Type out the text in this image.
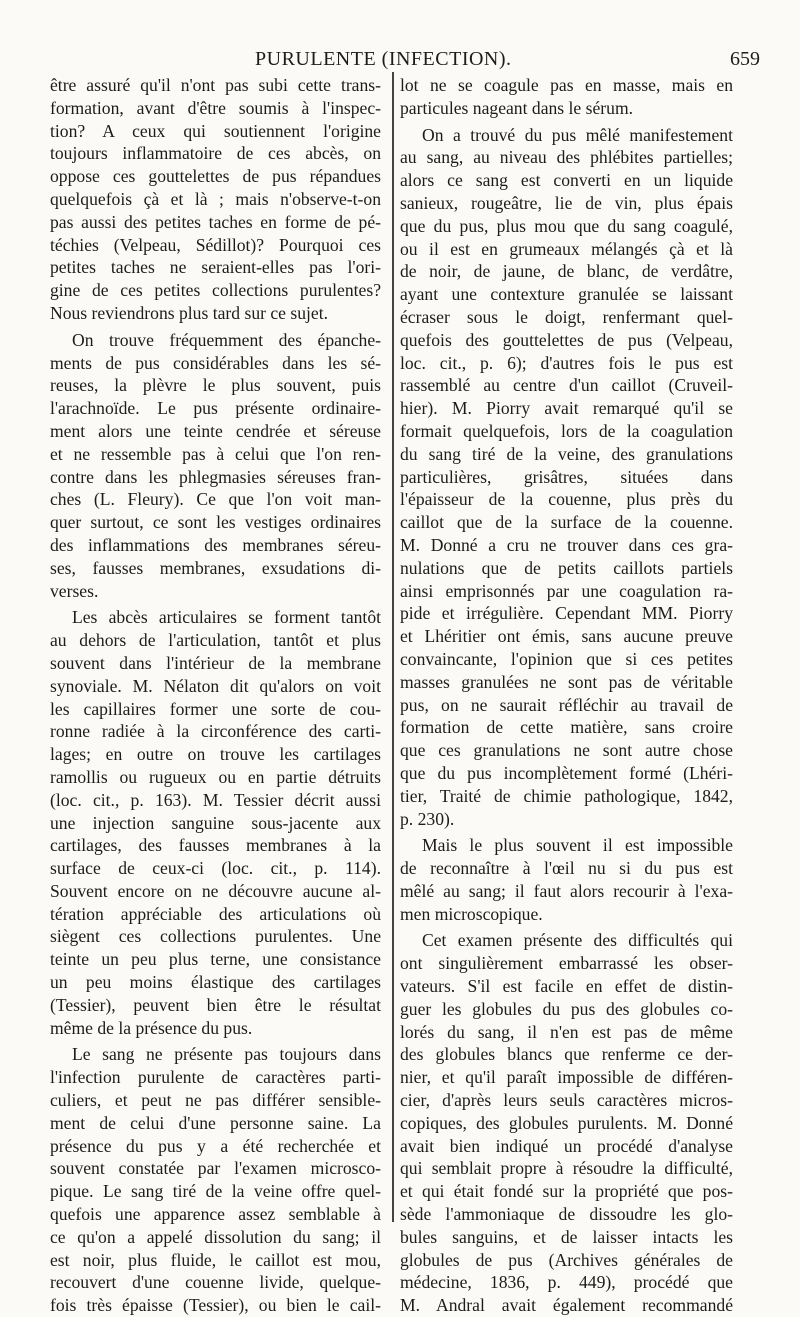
PURULENTE (INFECTION).	659
être assuré qu'il n'ont pas subi cette trans-
formation, avant d'être soumis à l'inspec-
tion? A ceux qui soutiennent l'origine
toujours inflammatoire de ces abcès, on
oppose ces gouttelettes de pus répandues
quelquefois çà et là ; mais n'observe-t-on
pas aussi des petites taches en forme de pé-
téchies (Velpeau, Sédillot)? Pourquoi ces
petites taches ne seraient-elles pas l'ori-
gine de ces petites collections purulentes?
Nous reviendrons plus tard sur ce sujet.
On trouve fréquemment des épanche-
ments de pus considérables dans les sé-
reuses, la plèvre le plus souvent, puis
l'arachnoïde. Le pus présente ordinaire-
ment alors une teinte cendrée et séreuse
et ne ressemble pas à celui que l'on ren-
contre dans les phlegmasies séreuses fran-
ches (L. Fleury). Ce que l'on voit man-
quer surtout, ce sont les vestiges ordinaires
des inflammations des membranes séreu-
ses, fausses membranes, exsudations di-
verses.
Les abcès articulaires se forment tantôt
au dehors de l'articulation, tantôt et plus
souvent dans l'intérieur de la membrane
synoviale. M. Nélaton dit qu'alors on voit
les capillaires former une sorte de cou-
ronne radiée à la circonférence des carti-
lages; en outre on trouve les cartilages
ramollis ou rugueux ou en partie détruits
(loc. cit., p. 163). M. Tessier décrit aussi
une injection sanguine sous-jacente aux
cartilages, des fausses membranes à la
surface de ceux-ci (loc. cit., p. 114).
Souvent encore on ne découvre aucune al-
tération appréciable des articulations où
siègent ces collections purulentes. Une
teinte un peu plus terne, une consistance
un peu moins élastique des cartilages
(Tessier), peuvent bien être le résultat
même de la présence du pus.
Le sang ne présente pas toujours dans
l'infection purulente de caractères parti-
culiers, et peut ne pas différer sensible-
ment de celui d'une personne saine. La
présence du pus y a été recherchée et
souvent constatée par l'examen microsco-
pique. Le sang tiré de la veine offre quel-
quefois une apparence assez semblable à
ce qu'on a appelé dissolution du sang; il
est noir, plus fluide, le caillot est mou,
recouvert d'une couenne livide, quelque-
fois très épaisse (Tessier), ou bien le cail-
lot ne se coagule pas en masse, mais en
particules nageant dans le sérum.
On a trouvé du pus mêlé manifestement
au sang, au niveau des phlébites partielles;
alors ce sang est converti en un liquide
sanieux, rougeâtre, lie de vin, plus épais
que du pus, plus mou que du sang coagulé,
ou il est en grumeaux mélangés çà et là
de noir, de jaune, de blanc, de verdâtre,
ayant une contexture granulée se laissant
écraser sous le doigt, renfermant quel-
quefois des gouttelettes de pus (Velpeau,
loc. cit., p. 6); d'autres fois le pus est
rassemblé au centre d'un caillot (Cruveil-
hier). M. Piorry avait remarqué qu'il se
formait quelquefois, lors de la coagulation
du sang tiré de la veine, des granulations
particulières, grisâtres, situées dans
l'épaisseur de la couenne, plus près du
caillot que de la surface de la couenne.
M. Donné a cru ne trouver dans ces gra-
nulations que de petits caillots partiels
ainsi emprisonnés par une coagulation ra-
pide et irrégulière. Cependant MM. Piorry
et Lhéritier ont émis, sans aucune preuve
convaincante, l'opinion que si ces petites
masses granulées ne sont pas de véritable
pus, on ne saurait réfléchir au travail de
formation de cette matière, sans croire
que ces granulations ne sont autre chose
que du pus incomplètement formé (Lhéri-
tier, Traité de chimie pathologique, 1842,
p. 230).
Mais le plus souvent il est impossible
de reconnaître à l'œil nu si du pus est
mêlé au sang; il faut alors recourir à l'exa-
men microscopique.
Cet examen présente des difficultés qui
ont singulièrement embarrassé les obser-
vateurs. S'il est facile en effet de distin-
guer les globules du pus des globules co-
lorés du sang, il n'en est pas de même
des globules blancs que renferme ce der-
nier, et qu'il paraît impossible de différen-
cier, d'après leurs seuls caractères micros-
copiques, des globules purulents. M. Donné
avait bien indiqué un procédé d'analyse
qui semblait propre à résoudre la difficulté,
et qui était fondé sur la propriété que pos-
sède l'ammoniaque de dissoudre les glo-
bules sanguins, et de laisser intacts les
globules de pus (Archives générales de
médecine, 1836, p. 449), procédé que
M. Andral avait également recommandé
